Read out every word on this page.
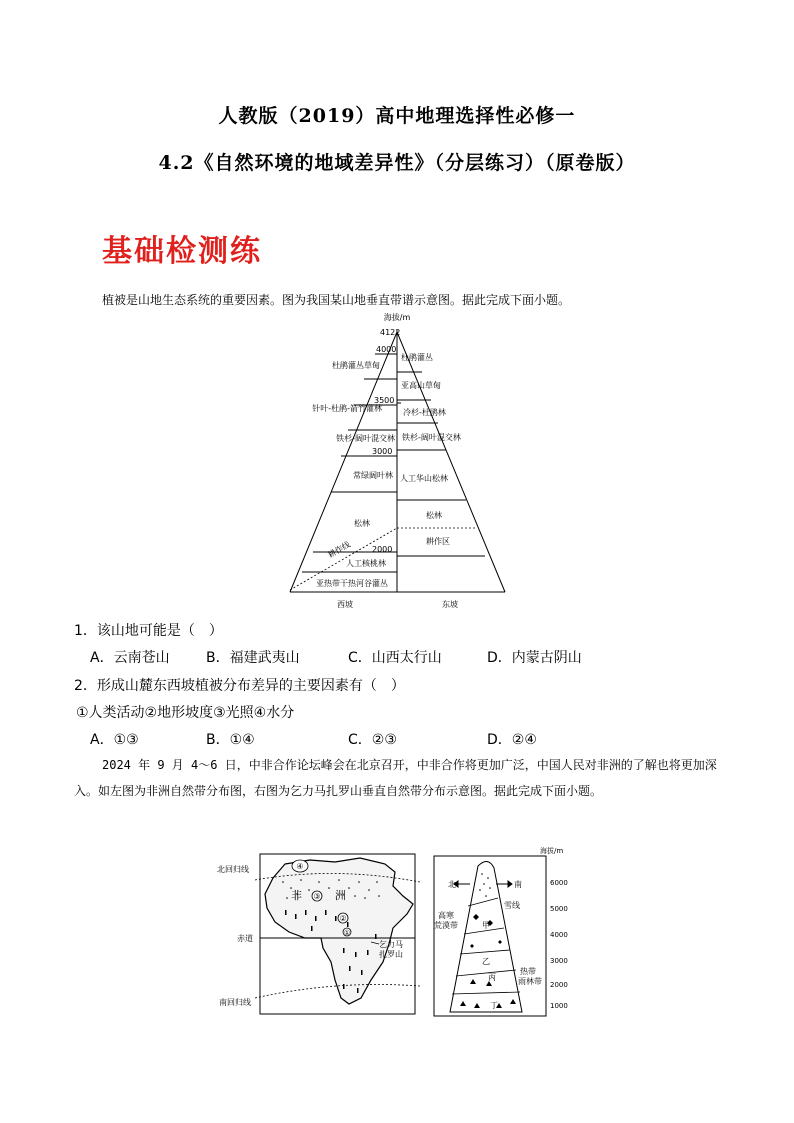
人教版（2019）高中地理选择性必修一
4.2《自然环境的地域差异性》（分层练习）（原卷版）
基础检测练
植被是山地生态系统的重要因素。图为我国某山地垂直带谱示意图。据此完成下面小题。
海拔/m
4122
4000
3500
3000
2000
杜鹃灌丛草甸
针叶-杜鹃-箭竹灌林
铁杉-阔叶混交林
常绿阔叶林
松林
人工核桃林
亚热带干热河谷灌丛
耕作线
杜鹃灌丛
亚高山草甸
冷杉-杜鹃林
铁杉-阔叶混交林
人工华山松林
松林
耕作区
西坡	东坡
1．该山地可能是（　）
A．云南苍山	B．福建武夷山	C．山西太行山	D．内蒙古阴山
2．形成山麓东西坡植被分布差异的主要因素有（　）
①人类活动②地形坡度③光照④水分
A．①③	B．①④	C．②③	D．②④
2024 年 9 月 4～6 日，中非合作论坛峰会在北京召开，中非合作将更加广泛，中国人民对非洲的了解也将更加深入。如左图为非洲自然带分布图，右图为乞力马扎罗山垂直自然带分布示意图。据此完成下面小题。
④
③
②
①
非	洲
北回归线
赤道
南回归线
乞力马
扎罗山
北	南
雪线
高寒
荒漠带	甲
乙
丙
丁
热带
雨林带
海拔/m
6000
5000
4000
3000
2000
1000
